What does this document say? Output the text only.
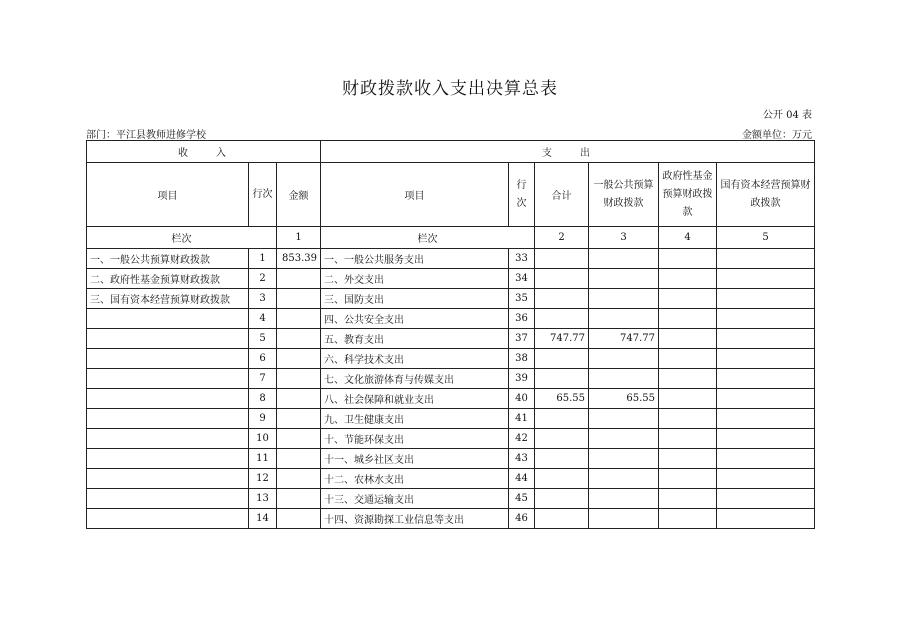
财政拨款收入支出决算总表
公开 04 表
部门：平江县教师进修学校	金额单位：万元
收入			支出					
项目	行次	金额	项目	行次	合计	一般公共预算财政拨款	政府性基金预算财政拨款	国有资本经营预算财政拨款
栏次		1	栏次		2	3	4	5
一、一般公共预算财政拨款	1	853.39	一、一般公共服务支出	33				
二、政府性基金预算财政拨款	2		二、外交支出	34				
三、国有资本经营预算财政拨款	3		三、国防支出	35				
	4		四、公共安全支出	36				
	5		五、教育支出	37	747.77	747.77		
	6		六、科学技术支出	38				
	7		七、文化旅游体育与传媒支出	39				
	8		八、社会保障和就业支出	40	65.55	65.55		
	9		九、卫生健康支出	41				
	10		十、节能环保支出	42				
	11		十一、城乡社区支出	43				
	12		十二、农林水支出	44				
	13		十三、交通运输支出	45				
	14		十四、资源勘探工业信息等支出	46				
